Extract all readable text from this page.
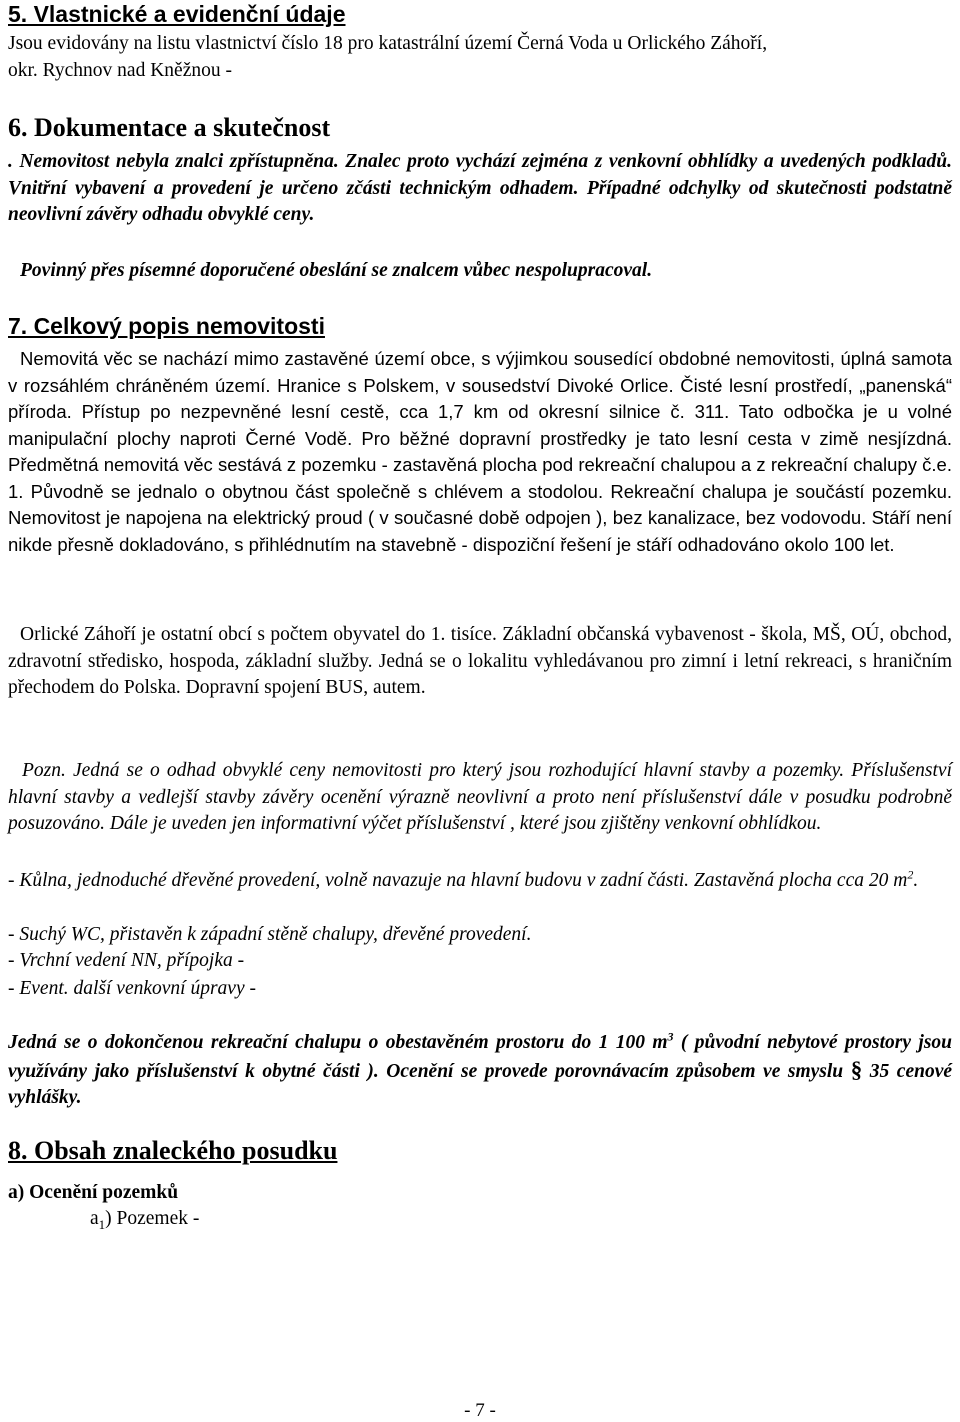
5. Vlastnické a evidenční údaje

Jsou evidovány na listu vlastnictví číslo 18 pro katastrální území Černá Voda u Orlického Záhoří,

okr. Rychnov nad Kněžnou -

6. Dokumentace a skutečnost

. Nemovitost nebyla znalci zpřístupněna. Znalec proto vychází zejména z venkovní obhlídky a uvedených podkladů. Vnitřní vybavení a provedení je určeno zčásti technickým odhadem. Případné odchylky od skutečnosti podstatně neovlivní závěry odhadu obvyklé ceny.

Povinný přes písemné doporučené obeslání se znalcem vůbec nespolupracoval.

7. Celkový popis nemovitosti

Nemovitá věc se nachází mimo zastavěné území obce, s výjimkou sousedící obdobné nemovitosti, úplná samota v rozsáhlém chráněném území. Hranice s Polskem, v sousedství Divoké Orlice. Čisté lesní prostředí, „panenská“ příroda. Přístup po nezpevněné lesní cestě, cca 1,7 km od okresní silnice č. 311. Tato odbočka je u volné manipulační plochy naproti Černé Vodě. Pro běžné dopravní prostředky je tato lesní cesta v zimě nesjízdná. Předmětná nemovitá věc sestává z pozemku - zastavěná plocha pod rekreační chalupou a z rekreační chalupy č.e. 1. Původně se jednalo o obytnou část společně s chlévem a stodolou. Rekreační chalupa je součástí pozemku. Nemovitost je napojena na elektrický proud ( v současné době odpojen ), bez kanalizace, bez vodovodu. Stáří není nikde přesně dokladováno, s přihlédnutím na stavebně - dispoziční řešení je stáří odhadováno okolo 100 let.

Orlické Záhoří je ostatní obcí s počtem obyvatel do 1. tisíce. Základní občanská vybavenost - škola, MŠ, OÚ, obchod, zdravotní středisko, hospoda, základní služby. Jedná se o lokalitu vyhledávanou pro zimní i letní rekreaci, s hraničním přechodem do Polska. Dopravní spojení BUS, autem.

Pozn. Jedná se o odhad obvyklé ceny nemovitosti pro který jsou rozhodující hlavní stavby a pozemky. Příslušenství hlavní stavby a vedlejší stavby závěry ocenění výrazně neovlivní a proto není příslušenství dále v posudku podrobně posuzováno. Dále je uveden jen informativní výčet příslušenství , které jsou zjištěny venkovní obhlídkou.

- Kůlna, jednoduché dřevěné provedení, volně navazuje na hlavní budovu v zadní části. Zastavěná plocha cca 20 $m^2$.

- Suchý WC, přistavěn k západní stěně chalupy, dřevěné provedení.

- Vrchní vedení NN, přípojka -

- Event. další venkovní úpravy -

Jedná se o dokončenou rekreační chalupu o obestavěném prostoru do 1 100 $m^3$ ( původní nebytové prostory jsou využívány jako příslušenství k obytné části ). Ocenění se provede porovnávacím způsobem ve smyslu § 35 cenové vyhlášky.

8. Obsah znaleckého posudku

a) Ocenění pozemků

$a_1$) Pozemek -

- 7 -
